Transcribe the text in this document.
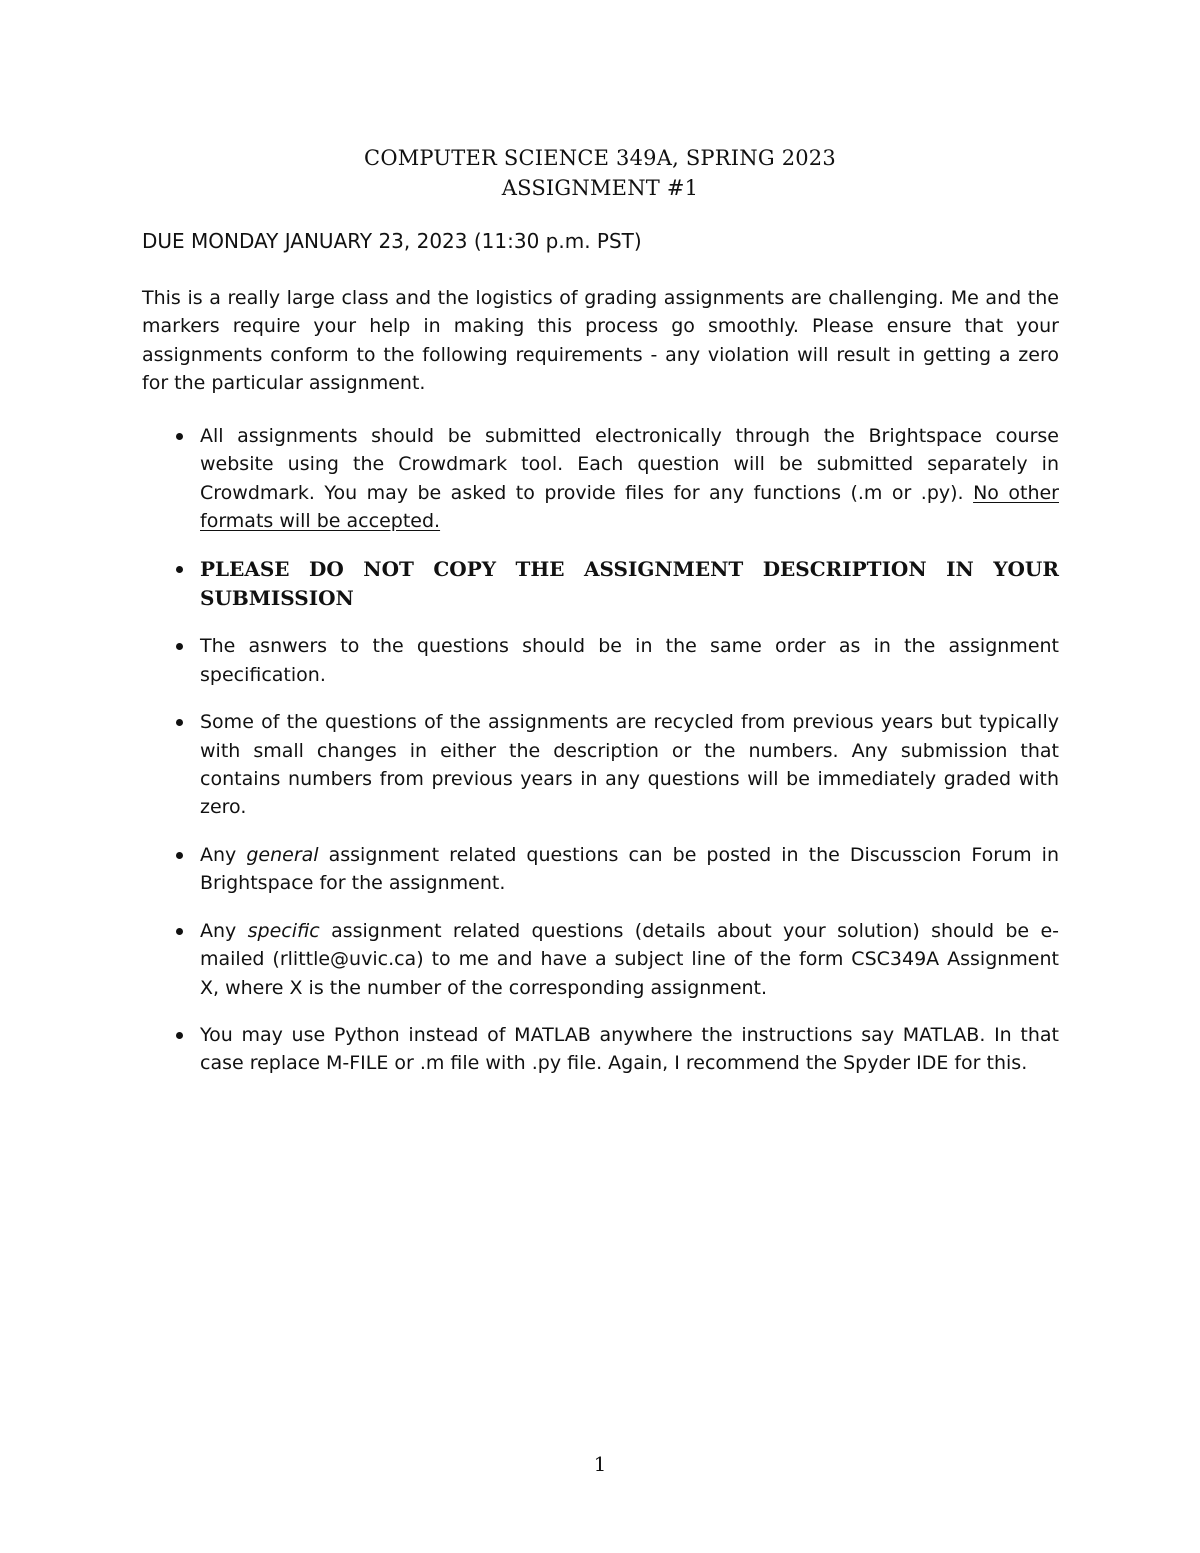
COMPUTER SCIENCE 349A, SPRING 2023
ASSIGNMENT #1
DUE MONDAY JANUARY 23, 2023 (11:30 p.m. PST)
This is a really large class and the logistics of grading assignments are challenging. Me and the markers require your help in making this process go smoothly. Please ensure that your assignments conform to the following requirements - any violation will result in getting a zero for the particular assignment.
All assignments should be submitted electronically through the Brightspace course website using the Crowdmark tool. Each question will be submitted separately in Crowdmark. You may be asked to provide files for any functions (.m or .py). No other formats will be accepted.
PLEASE DO NOT COPY THE ASSIGNMENT DESCRIPTION IN YOUR SUBMISSION
The asnwers to the questions should be in the same order as in the assignment specification.
Some of the questions of the assignments are recycled from previous years but typically with small changes in either the description or the numbers. Any submission that contains numbers from previous years in any questions will be immediately graded with zero.
Any general assignment related questions can be posted in the Discusscion Forum in Brightspace for the assignment.
Any specific assignment related questions (details about your solution) should be e-mailed (rlittle@uvic.ca) to me and have a subject line of the form CSC349A Assignment X, where X is the number of the corresponding assignment.
You may use Python instead of MATLAB anywhere the instructions say MATLAB. In that case replace M-FILE or .m file with .py file. Again, I recommend the Spyder IDE for this.
1
